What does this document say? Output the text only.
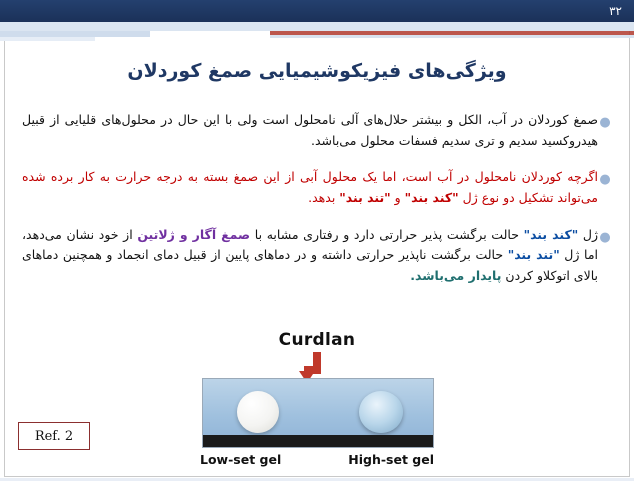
۳۲
ویژگی‌های فیزیکوشیمیایی صمغ کوردلان
●
صمغ کوردلان در آب، الکل و بیشتر حلال‌های آلی نامحلول است ولی با این حال در محلول‌های قلیایی از قبیل هیدروکسید سدیم و تری سدیم فسفات محلول می‌باشد.
●
اگرچه کوردلان نامحلول در آب است، اما یک محلول آبی از این صمغ بسته به درجه حرارت به کار برده شده می‌تواند تشکیل دو نوع ژل "کند بند" و "تند بند" بدهد.
●
ژل "کند بند" حالت برگشت پذیر حرارتی دارد و رفتاری مشابه با صمغ آگار و ژلاتین از خود نشان می‌دهد، اما ژل "تند بند" حالت برگشت ناپذیر حرارتی داشته و در دماهای پایین از قبیل دمای انجماد و همچنین دماهای بالای اتوکلاو کردن پایدار می‌باشد.
Curdlan
Low-set gel	High-set gel
Ref. 2
